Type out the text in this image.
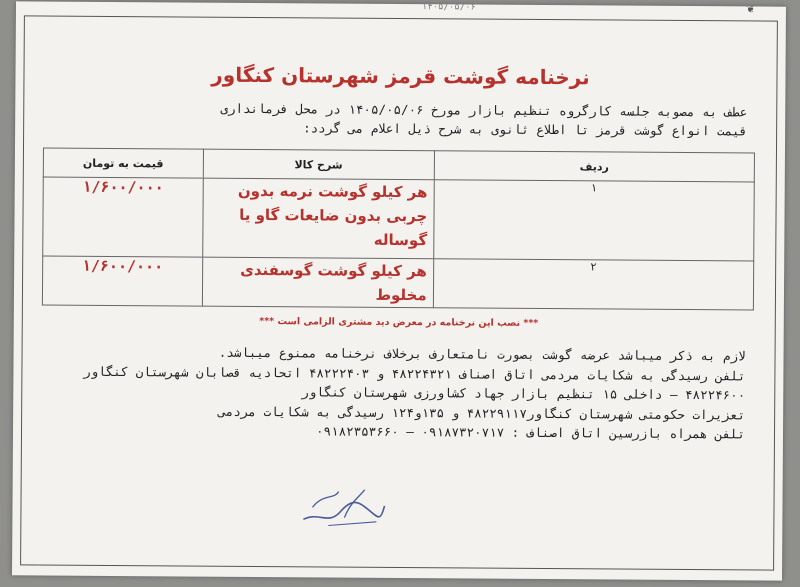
۱۴۰۵/۰۵/۰۶	❦
نرخنامه گوشت قرمز شهرستان کنگاور
عطف به مصوبه جلسه کارگروه تنظیم بازار مورخ ۱۴۰۵/۰۵/۰۶ در محل فرمانداری
قیمت انواع گوشت قرمز تا اطلاع ثانوی به شرح ذیل اعلام می گردد:
ردیف	شرح کالا	قیمت به تومان
۱	هر کیلو گوشت نرمه بدون چربی بدون ضایعات گاو یا گوساله	۱/۶۰۰/۰۰۰
۲	هر کیلو گوشت گوسفندی مخلوط	۱/۶۰۰/۰۰۰
*** نصب این نرخنامه در معرض دید مشتری الزامی است ***

لازم به ذکر میباشد عرضه گوشت بصورت نامتعارف برخلاف نرخنامه ممنوع میباشد.

تلفن رسیدگی به شکایات مردمی اتاق اصناف ۴۸۲۲۴۳۲۱ و ۴۸۲۲۲۴۰۳ اتحادیه قصابان شهرستان کنگاور

۴۸۲۲۴۶۰۰ – داخلی ۱۵ تنظیم بازار جهاد کشاورزی شهرستان کنگاور

تعزیرات حکومتی شهرستان کنگاور۴۸۲۲۹۱۱۷ و ۱۳۵و۱۲۴ رسیدگی به شکایات مردمی

تلفن همراه بازرسین اتاق اصناف : ۰۹۱۸۷۳۲۰۷۱۷ – ۰۹۱۸۲۳۵۳۶۶۰
